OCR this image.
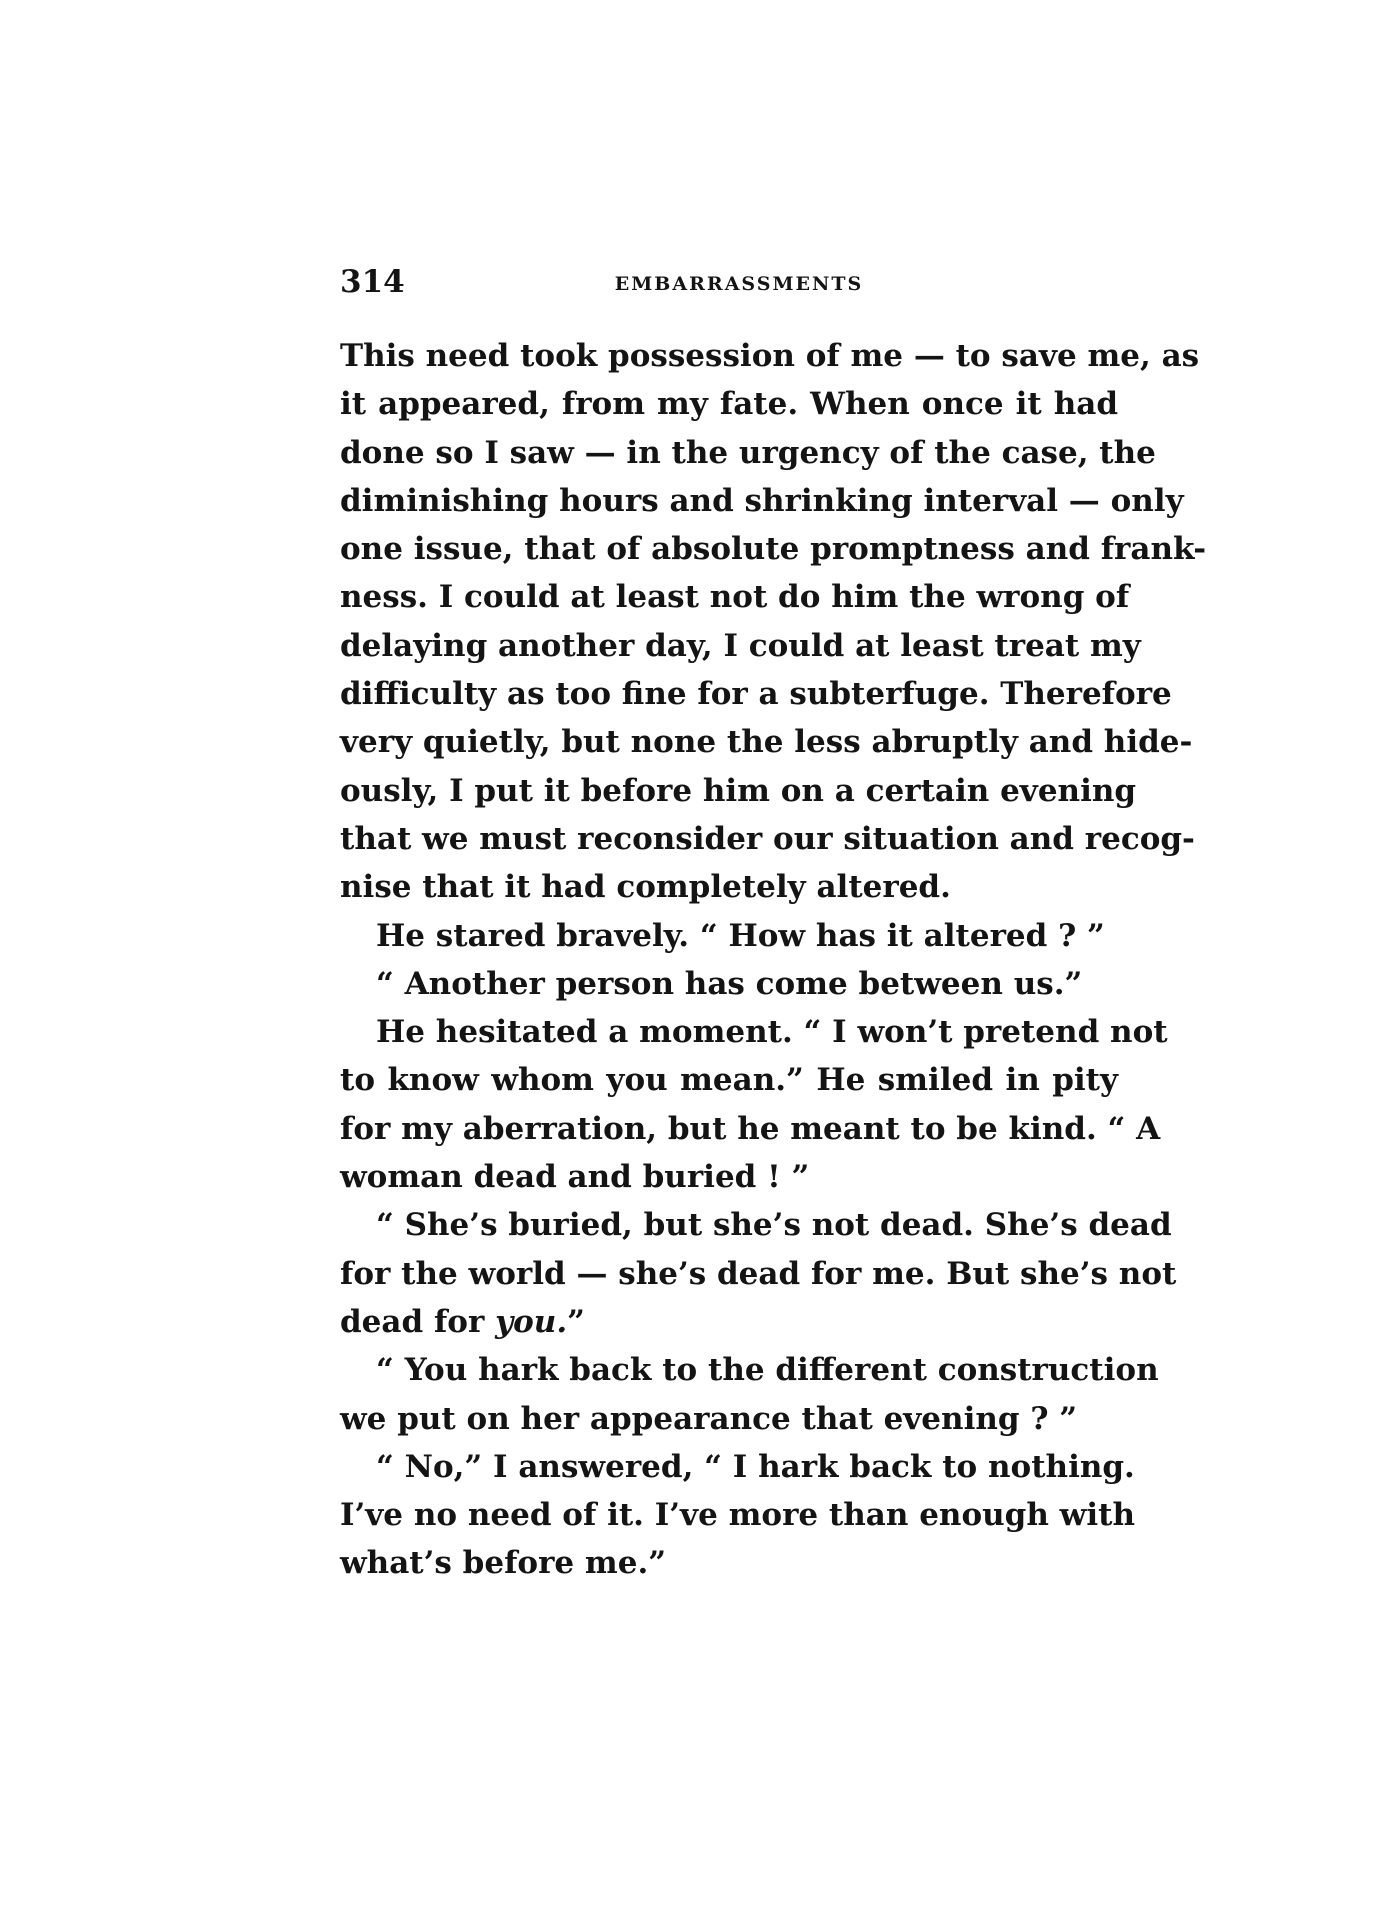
314	EMBARRASSMENTS
This need took possession of me — to save me, as
it appeared, from my fate. When once it had
done so I saw — in the urgency of the case, the
diminishing hours and shrinking interval — only
one issue, that of absolute promptness and frank-
ness. I could at least not do him the wrong of
delaying another day, I could at least treat my
difficulty as too fine for a subterfuge. Therefore
very quietly, but none the less abruptly and hide-
ously, I put it before him on a certain evening
that we must reconsider our situation and recog-
nise that it had completely altered.
He stared bravely. “ How has it altered ? ”
“ Another person has come between us.”
He hesitated a moment. “ I won’t pretend not
to know whom you mean.” He smiled in pity
for my aberration, but he meant to be kind. “ A
woman dead and buried ! ”
“ She’s buried, but she’s not dead. She’s dead
for the world — she’s dead for me. But she’s not
dead for you.”
“ You hark back to the different construction
we put on her appearance that evening ? ”
“ No,” I answered, “ I hark back to nothing.
I’ve no need of it. I’ve more than enough with
what’s before me.”
